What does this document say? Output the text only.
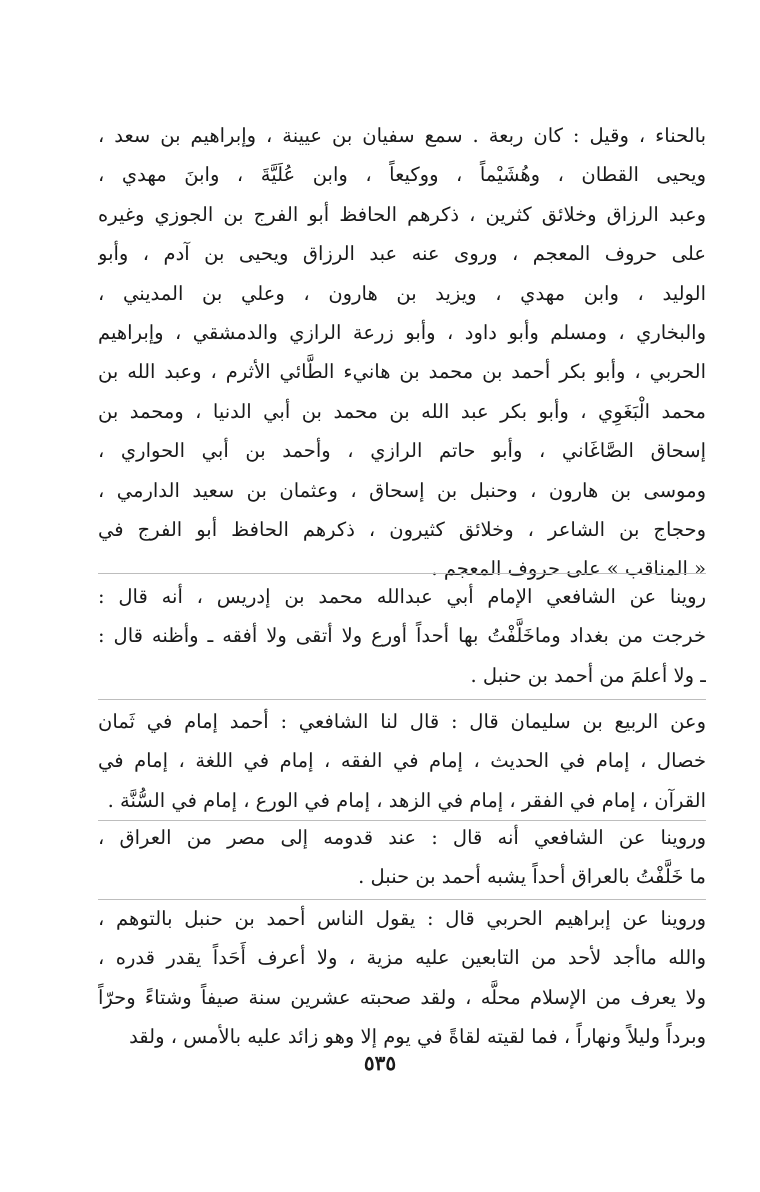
بالحناء ، وقيل : كان ربعة . سمع سفيان بن عيينة ، وإبراهيم بن سعد ،
ويحيى القطان ، وهُشَيْماً ، ووكيعاً ، وابن عُلَيَّةَ ، وابنَ مهدي ،
وعبد الرزاق وخلائق كثرين ، ذكرهم الحافظ أبو الفرج بن الجوزي وغيره
على حروف المعجم ، وروى عنه عبد الرزاق ويحيى بن آدم ، وأبو
الوليد ، وابن مهدي ، ويزيد بن هارون ، وعلي بن المديني ،
والبخاري ، ومسلم وأبو داود ، وأبو زرعة الرازي والدمشقي ، وإبراهيم
الحربي ، وأبو بكر أحمد بن محمد بن هانيء الطَّائي الأثرم ، وعبد الله بن
محمد الْبَغَوِي ، وأبو بكر عبد الله بن محمد بن أبي الدنيا ، ومحمد بن
إسحاق الصَّاغَاني ، وأبو حاتم الرازي ، وأحمد بن أبي الحواري ،
وموسى بن هارون ، وحنبل بن إسحاق ، وعثمان بن سعيد الدارمي ،
وحجاج بن الشاعر ، وخلائق كثيرون ، ذكرهم الحافظ أبو الفرج في
« المناقب » على حروف المعجم .
روينا عن الشافعي الإمام أبي عبدالله محمد بن إدريس ، أنه قال :
خرجت من بغداد وماخَلَّفْتُ بها أحداً أورع ولا أتقى ولا أفقه ـ وأظنه قال :
ـ ولا أعلمَ من أحمد بن حنبل .
وعن الربيع بن سليمان قال : قال لنا الشافعي : أحمد إمام في ثَمان
خصال ، إمام في الحديث ، إمام في الفقه ، إمام في اللغة ، إمام في
القرآن ، إمام في الفقر ، إمام في الزهد ، إمام في الورع ، إمام في السُّنَّة .
وروينا عن الشافعي أنه قال : عند قدومه إلى مصر من العراق ،
ما خَلَّفْتُ بالعراق أحداً يشبه أحمد بن حنبل .
وروينا عن إبراهيم الحربي قال : يقول الناس أحمد بن حنبل بالتوهم ،
والله ماأجد لأحد من التابعين عليه مزية ، ولا أعرف أَحَداً يقدر قدره ،
ولا يعرف من الإسلام محلَّه ، ولقد صحبته عشرين سنة صيفاً وشتاءً وحرّاً
وبرداً وليلاً ونهاراً ، فما لقيته لقاةً في يوم إلا وهو زائد عليه بالأمس ، ولقد
٥٣٥
